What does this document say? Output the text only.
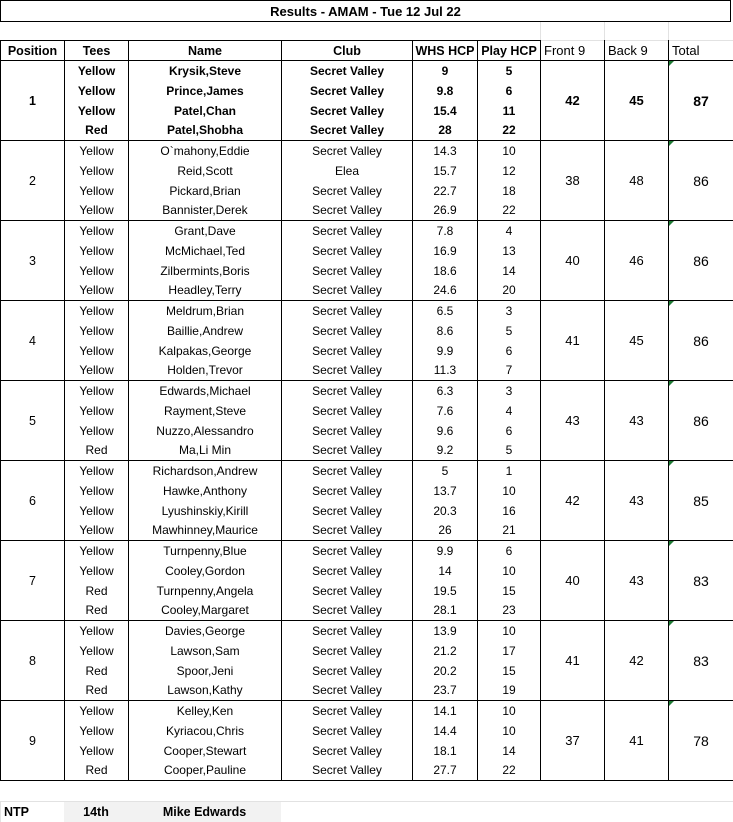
Results - AMAM - Tue 12 Jul 22
Position	Tees	Name	Club	WHS HCP	Play HCP	Front 9	Back 9	Total
1	Yellow	Krysik,Steve	Secret Valley	9	5	42	45	87
	Yellow	Prince,James	Secret Valley	9.8	6			
	Yellow	Patel,Chan	Secret Valley	15.4	11			
	Red	Patel,Shobha	Secret Valley	28	22			
2	Yellow	O`mahony,Eddie	Secret Valley	14.3	10	38	48	86
	Yellow	Reid,Scott	Elea	15.7	12			
	Yellow	Pickard,Brian	Secret Valley	22.7	18			
	Yellow	Bannister,Derek	Secret Valley	26.9	22			
3	Yellow	Grant,Dave	Secret Valley	7.8	4	40	46	86
	Yellow	McMichael,Ted	Secret Valley	16.9	13			
	Yellow	Zilbermints,Boris	Secret Valley	18.6	14			
	Yellow	Headley,Terry	Secret Valley	24.6	20			
4	Yellow	Meldrum,Brian	Secret Valley	6.5	3	41	45	86
	Yellow	Baillie,Andrew	Secret Valley	8.6	5			
	Yellow	Kalpakas,George	Secret Valley	9.9	6			
	Yellow	Holden,Trevor	Secret Valley	11.3	7			
5	Yellow	Edwards,Michael	Secret Valley	6.3	3	43	43	86
	Yellow	Rayment,Steve	Secret Valley	7.6	4			
	Yellow	Nuzzo,Alessandro	Secret Valley	9.6	6			
	Red	Ma,Li Min	Secret Valley	9.2	5			
6	Yellow	Richardson,Andrew	Secret Valley	5	1	42	43	85
	Yellow	Hawke,Anthony	Secret Valley	13.7	10			
	Yellow	Lyushinskiy,Kirill	Secret Valley	20.3	16			
	Yellow	Mawhinney,Maurice	Secret Valley	26	21			
7	Yellow	Turnpenny,Blue	Secret Valley	9.9	6	40	43	83
	Yellow	Cooley,Gordon	Secret Valley	14	10			
	Red	Turnpenny,Angela	Secret Valley	19.5	15			
	Red	Cooley,Margaret	Secret Valley	28.1	23			
8	Yellow	Davies,George	Secret Valley	13.9	10	41	42	83
	Yellow	Lawson,Sam	Secret Valley	21.2	17			
	Red	Spoor,Jeni	Secret Valley	20.2	15			
	Red	Lawson,Kathy	Secret Valley	23.7	19			
9	Yellow	Kelley,Ken	Secret Valley	14.1	10	37	41	78
	Yellow	Kyriacou,Chris	Secret Valley	14.4	10			
	Yellow	Cooper,Stewart	Secret Valley	18.1	14			
	Red	Cooper,Pauline	Secret Valley	27.7	22			
NTP	14th	Mike Edwards
